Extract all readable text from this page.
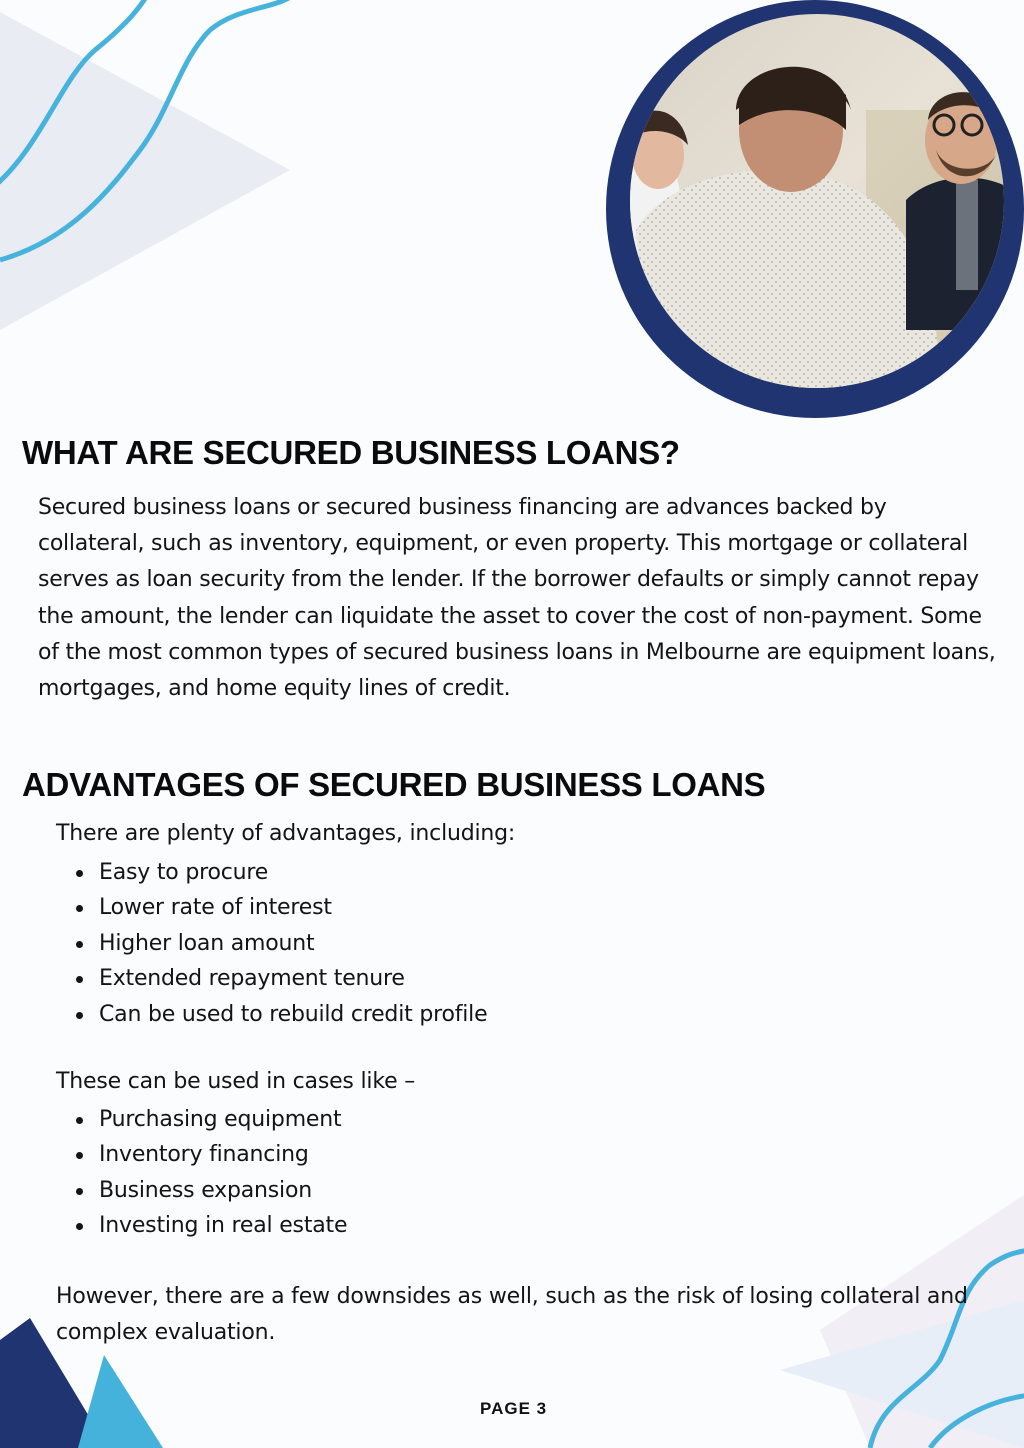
WHAT ARE SECURED BUSINESS LOANS?

Secured business loans or secured business financing are advances backed by collateral, such as inventory, equipment, or even property. This mortgage or collateral serves as loan security from the lender. If the borrower defaults or simply cannot repay the amount, the lender can liquidate the asset to cover the cost of non-payment. Some of the most common types of secured business loans in Melbourne are equipment loans, mortgages, and home equity lines of credit.

ADVANTAGES OF SECURED BUSINESS LOANS

There are plenty of advantages, including:

Easy to procure
Lower rate of interest
Higher loan amount
Extended repayment tenure
Can be used to rebuild credit profile

These can be used in cases like –

Purchasing equipment
Inventory financing
Business expansion
Investing in real estate

However, there are a few downsides as well, such as the risk of losing collateral and complex evaluation.

PAGE 3
